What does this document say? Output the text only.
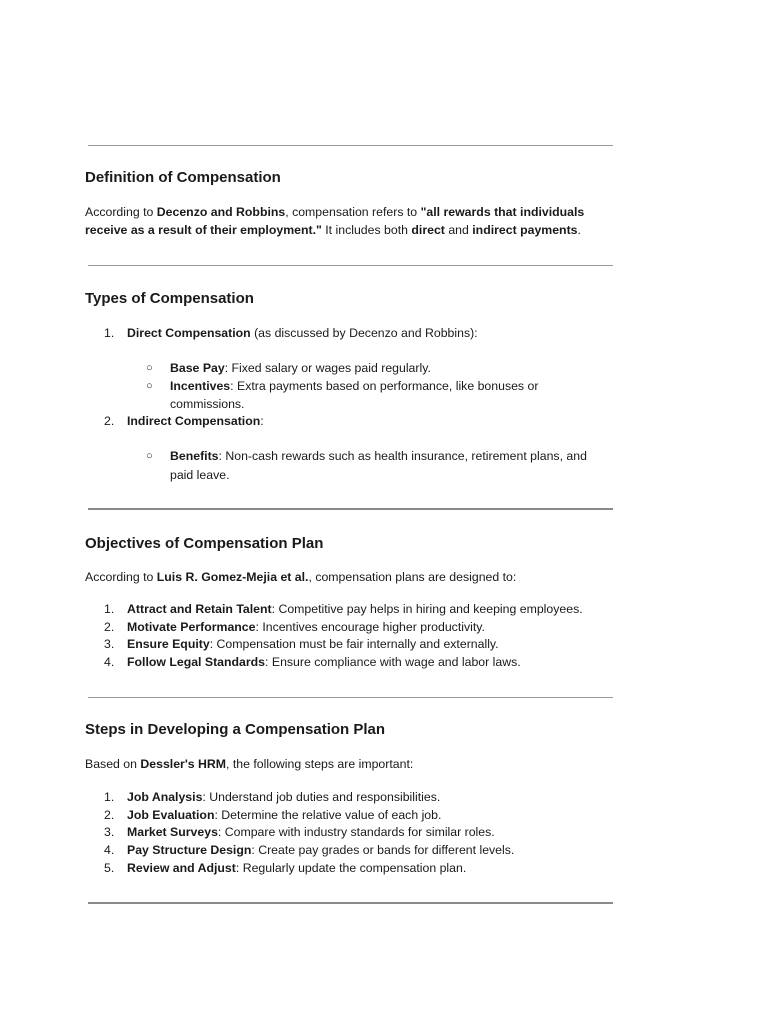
Definition of Compensation

According to Decenzo and Robbins, compensation refers to "all rewards that individuals

receive as a result of their employment." It includes both direct and indirect payments.

Types of Compensation
1. Direct Compensation (as discussed by Decenzo and Robbins):

○ Base Pay: Fixed salary or wages paid regularly.

○ Incentives: Extra payments based on performance, like bonuses or

commissions.

2. Indirect Compensation:

○ Benefits: Non-cash rewards such as health insurance, retirement plans, and

paid leave.

Objectives of Compensation Plan

According to Luis R. Gomez-Mejia et al., compensation plans are designed to:

1. Attract and Retain Talent: Competitive pay helps in hiring and keeping employees.

2. Motivate Performance: Incentives encourage higher productivity.

3. Ensure Equity: Compensation must be fair internally and externally.

4. Follow Legal Standards: Ensure compliance with wage and labor laws.

Steps in Developing a Compensation Plan

Based on Dessler's HRM, the following steps are important:

1. Job Analysis: Understand job duties and responsibilities.

2. Job Evaluation: Determine the relative value of each job.

3. Market Surveys: Compare with industry standards for similar roles.

4. Pay Structure Design: Create pay grades or bands for different levels.

5. Review and Adjust: Regularly update the compensation plan.
